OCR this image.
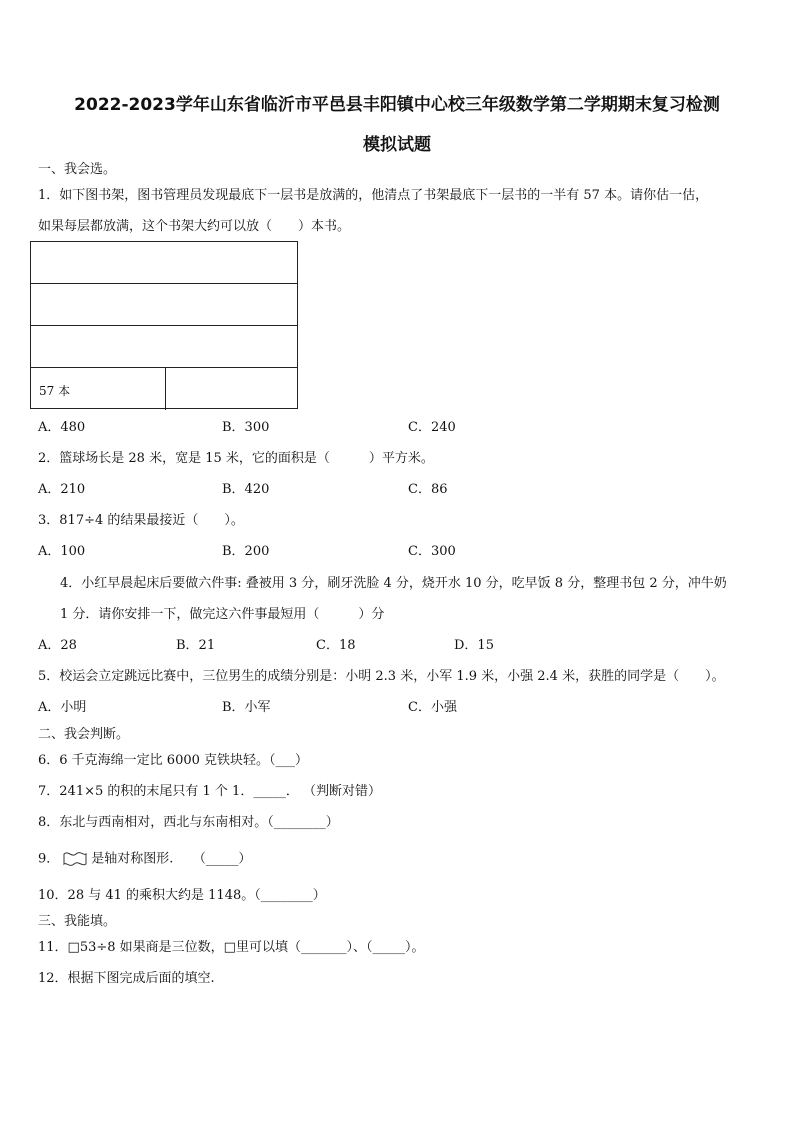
2022-2023学年山东省临沂市平邑县丰阳镇中心校三年级数学第二学期期末复习检测
模拟试题
一、我会选。
1．如下图书架，图书管理员发现最底下一层书是放满的，他清点了书架最底下一层书的一半有 57 本。请你估一估，
如果每层都放满，这个书架大约可以放（　　）本书。
57 本
A．480	B．300	C．240
2．篮球场长是 28 米，宽是 15 米，它的面积是（　　　）平方米。
A．210	B．420	C．86
3．817÷4 的结果最接近（　　）。
A．100	B．200	C．300
4．小红早晨起床后要做六件事: 叠被用 3 分，刷牙洗脸 4 分，烧开水 10 分，吃早饭 8 分，整理书包 2 分，冲牛奶
1 分．请你安排一下，做完这六件事最短用（　　　）分
A．28	B．21	C．18	D．15
5．校运会立定跳远比赛中，三位男生的成绩分别是：小明 2.3 米，小军 1.9 米，小强 2.4 米，获胜的同学是（　　）。
A．小明	B．小军	C．小强
二、我会判断。
6．6 千克海绵一定比 6000 克铁块轻。（___）
7．241×5 的积的末尾只有 1 个 1．_____． （判断对错）
8．东北与西南相对，西北与东南相对。（________）
9． 是轴对称图形.　　（_____）
10．28 与 41 的乘积大约是 1148。（________）
三、我能填。
11．□53÷8 如果商是三位数，□里可以填（_______）、（_____）。
12．根据下图完成后面的填空.
